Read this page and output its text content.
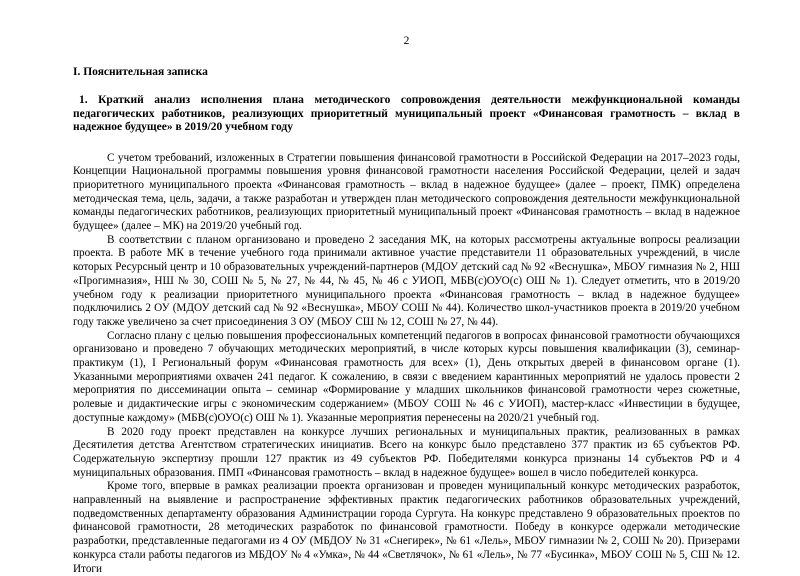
2
I. Пояснительная записка
1. Краткий анализ исполнения плана методического сопровождения деятельности межфункциональной команды педагогических работников, реализующих приоритетный муниципальный проект «Финансовая грамотность – вклад в надежное будущее» в 2019/20 учебном году

С учетом требований, изложенных в Стратегии повышения финансовой грамотности в Российской Федерации на 2017–2023 годы, Концепции Национальной программы повышения уровня финансовой грамотности населения Российской Федерации, целей и задач приоритетного муниципального проекта «Финансовая грамотность – вклад в надежное будущее» (далее – проект, ПМК) определена методическая тема, цель, задачи, а также разработан и утвержден план методического сопровождения деятельности межфункциональной команды педагогических работников, реализующих приоритетный муниципальный проект «Финансовая грамотность – вклад в надежное будущее» (далее – МК) на 2019/20 учебный год.

В соответствии с планом организовано и проведено 2 заседания МК, на которых рассмотрены актуальные вопросы реализации проекта. В работе МК в течение учебного года принимали активное участие представители 11 образовательных учреждений, в числе которых Ресурсный центр и 10 образовательных учреждений-партнеров (МДОУ детский сад № 92 «Веснушка», МБОУ гимназия № 2, НШ «Прогимназия», НШ № 30, СОШ № 5, № 27, № 44, № 45, № 46 с УИОП, МБВ(с)ОУО(с) ОШ № 1). Следует отметить, что в 2019/20 учебном году к реализации приоритетного муниципального проекта «Финансовая грамотность – вклад в надежное будущее» подключились 2 ОУ (МДОУ детский сад № 92 «Веснушка», МБОУ СОШ № 44). Количество школ-участников проекта в 2019/20 учебном году также увеличено за счет присоединения 3 ОУ (МБОУ СШ № 12, СОШ № 27, № 44).

Согласно плану с целью повышения профессиональных компетенций педагогов в вопросах финансовой грамотности обучающихся организовано и проведено 7 обучающих методических мероприятий, в числе которых курсы повышения квалификации (3), семинар-практикум (1), I Региональный форум «Финансовая грамотность для всех» (1), День открытых дверей в финансовом органе (1). Указанными мероприятиями охвачен 241 педагог. К сожалению, в связи с введением карантинных мероприятий не удалось провести 2 мероприятия по диссеминации опыта – семинар «Формирование у младших школьников финансовой грамотности через сюжетные, ролевые и дидактические игры с экономическим содержанием» (МБОУ СОШ № 46 с УИОП), мастер-класс «Инвестиции в будущее, доступные каждому» (МБВ(с)ОУО(с) ОШ № 1). Указанные мероприятия перенесены на 2020/21 учебный год.

В 2020 году проект представлен на конкурсе лучших региональных и муниципальных практик, реализованных в рамках Десятилетия детства Агентством стратегических инициатив. Всего на конкурс было представлено 377 практик из 65 субъектов РФ. Содержательную экспертизу прошли 127 практик из 49 субъектов РФ. Победителями конкурса признаны 14 субъектов РФ и 4 муниципальных образования. ПМП «Финансовая грамотность – вклад в надежное будущее» вошел в число победителей конкурса.

Кроме того, впервые в рамках реализации проекта организован и проведен муниципальный конкурс методических разработок, направленный на выявление и распространение эффективных практик педагогических работников образовательных учреждений, подведомственных департаменту образования Администрации города Сургута. На конкурс представлено 9 образовательных проектов по финансовой грамотности, 28 методических разработок по финансовой грамотности. Победу в конкурсе одержали методические разработки, представленные педагогами из 4 ОУ (МБДОУ № 31 «Снегирек», № 61 «Лель», МБОУ гимназии № 2, СОШ № 20). Призерами конкурса стали работы педагогов из МБДОУ № 4 «Умка», № 44 «Светлячок», № 61 «Лель», № 77 «Бусинка», МБОУ СОШ № 5, СШ № 12. Итоги
